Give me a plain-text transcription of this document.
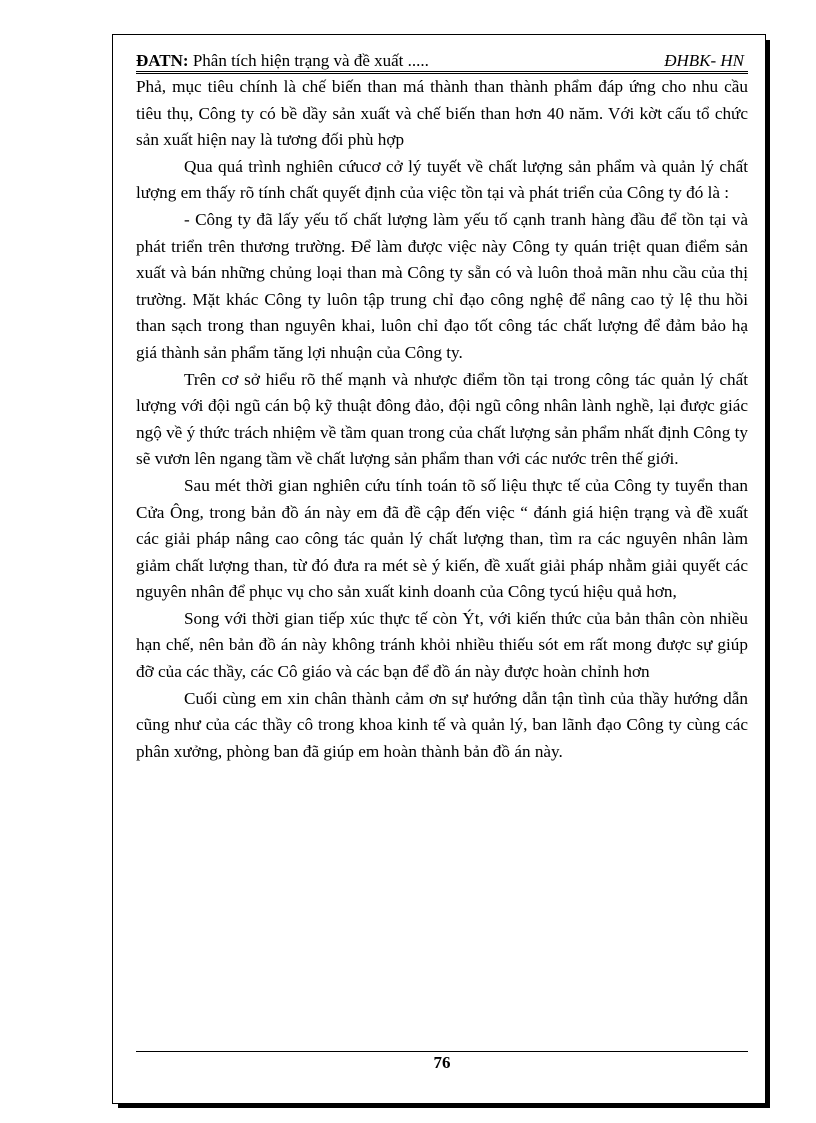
ĐATN: Phân tích hiện trạng và đề xuất .....	ĐHBK- HN

Phả, mục tiêu chính là chế biến than má thành than thành phẩm đáp ứng cho nhu cầu tiêu thụ, Công ty có bề dầy sản xuất và chế biến than hơn 40 năm. Với kờt cấu tổ chức sản xuất hiện nay là tương đối phù hợp

Qua quá trình nghiên cứucơ cở lý tuyết về chất lượng sản phẩm và quản lý chất lượng em thấy rõ tính chất quyết định của việc tồn tại và phát triển của Công ty đó là :

- Công ty đã lấy yếu tố chất lượng làm yếu tố cạnh tranh hàng đầu để tồn tại và phát triển trên thương trường. Để làm được việc này Công ty quán triệt quan điểm sản xuất và bán những chủng loại than mà Công ty sẵn có và luôn thoả mãn nhu cầu của thị trường. Mặt khác Công ty luôn tập trung chỉ đạo công nghệ để nâng cao tỷ lệ thu hồi than sạch trong than nguyên khai, luôn chỉ đạo tốt công tác chất lượng để đảm bảo hạ giá thành sản phẩm tăng lợi nhuận của Công ty.

Trên cơ sở hiểu rõ thế mạnh và nhược điểm tồn tại trong công tác quản lý chất lượng với đội ngũ cán bộ kỹ thuật đông đảo, đội ngũ công nhân lành nghề, lại được giác ngộ về ý thức trách nhiệm về tầm quan trong của chất lượng sản phẩm nhất định Công ty sẽ vươn lên ngang tầm về chất lượng sản phẩm than với các nước trên thế giới.

Sau mét thời gian nghiên cứu tính toán tõ số liệu thực tế của Công ty tuyển than Cửa Ông, trong bản đồ án này em đã đề cập đến việc “ đánh giá hiện trạng và đề xuất các giải pháp nâng cao công tác quản lý chất lượng than, tìm ra các nguyên nhân làm giảm chất lượng than, từ đó đưa ra mét sè ý kiến, đề xuất giải pháp nhằm giải quyết các nguyên nhân để phục vụ cho sản xuất kinh doanh của Công tycú hiệu quả hơn,

Song với thời gian tiếp xúc thực tế còn Ýt, với kiến thức của bản thân còn nhiều hạn chế, nên bản đồ án này không tránh khỏi nhiều thiếu sót em rất mong được sự giúp đỡ của các thầy, các Cô giáo và các bạn để đồ án này được hoàn chỉnh hơn

Cuối cùng em xin chân thành cảm ơn sự hướng dẫn tận tình của thầy hướng dẫn cũng như của các thầy cô trong khoa kinh tế và quản lý, ban lãnh đạo Công ty cùng các phân xưởng, phòng ban đã giúp em hoàn thành bản đồ án này.

76
